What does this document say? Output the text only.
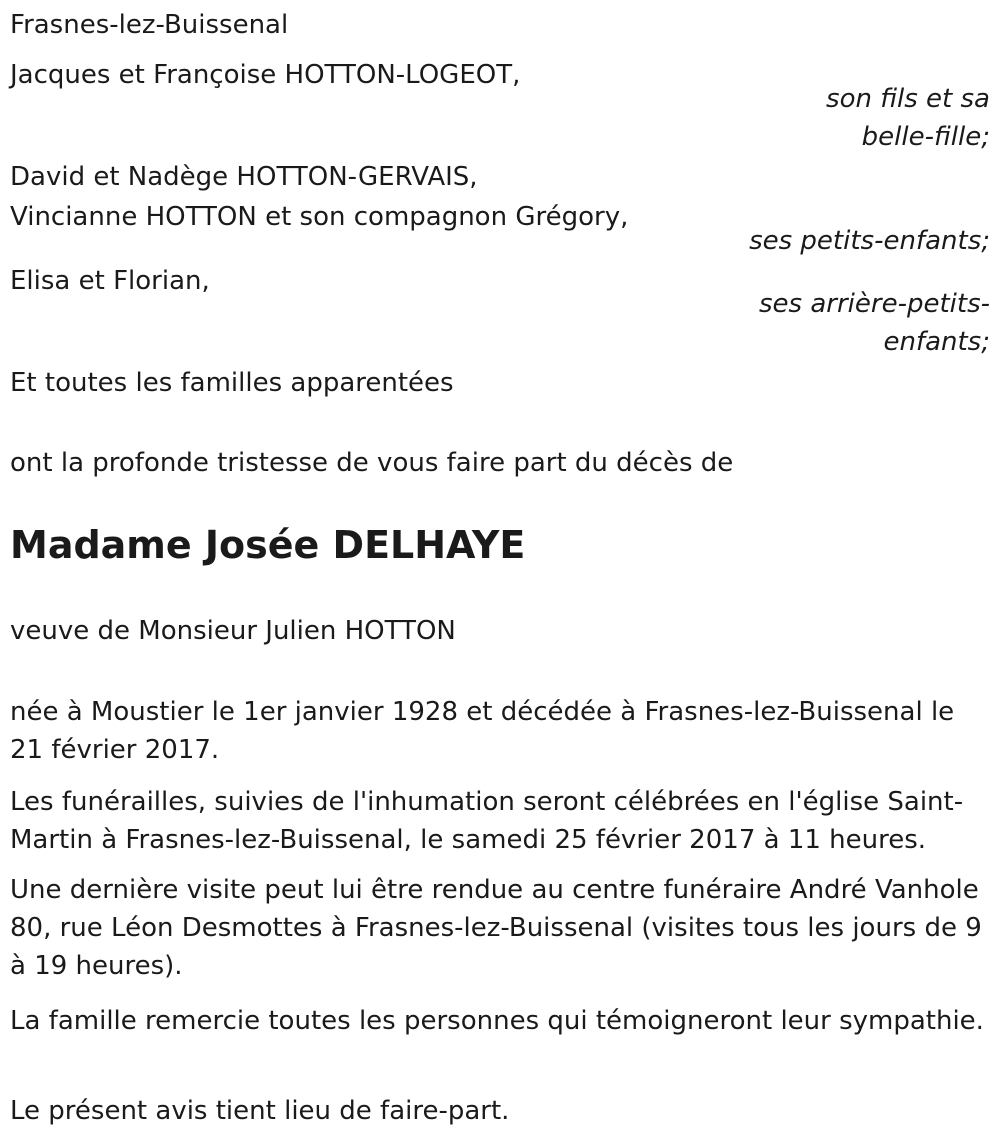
Frasnes-lez-Buissenal
Jacques et Françoise HOTTON-LOGEOT,
son fils et sa belle-fille;
David et Nadège HOTTON-GERVAIS,
Vincianne HOTTON et son compagnon Grégory,
ses petits-enfants;
Elisa et Florian,
ses arrière-petits-enfants;
Et toutes les familles apparentées
ont la profonde tristesse de vous faire part du décès de
Madame Josée DELHAYE
veuve de Monsieur Julien HOTTON
née à Moustier le 1er janvier 1928 et décédée à Frasnes-lez-Buissenal le 21 février 2017.
Les funérailles, suivies de l'inhumation seront célébrées en l'église Saint-Martin à Frasnes-lez-Buissenal, le samedi 25 février 2017 à 11 heures.
Une dernière visite peut lui être rendue au centre funéraire André Vanhole 80, rue Léon Desmottes à Frasnes-lez-Buissenal (visites tous les jours de 9 à 19 heures).
La famille remercie toutes les personnes qui témoigneront leur sympathie.
Le présent avis tient lieu de faire-part.
